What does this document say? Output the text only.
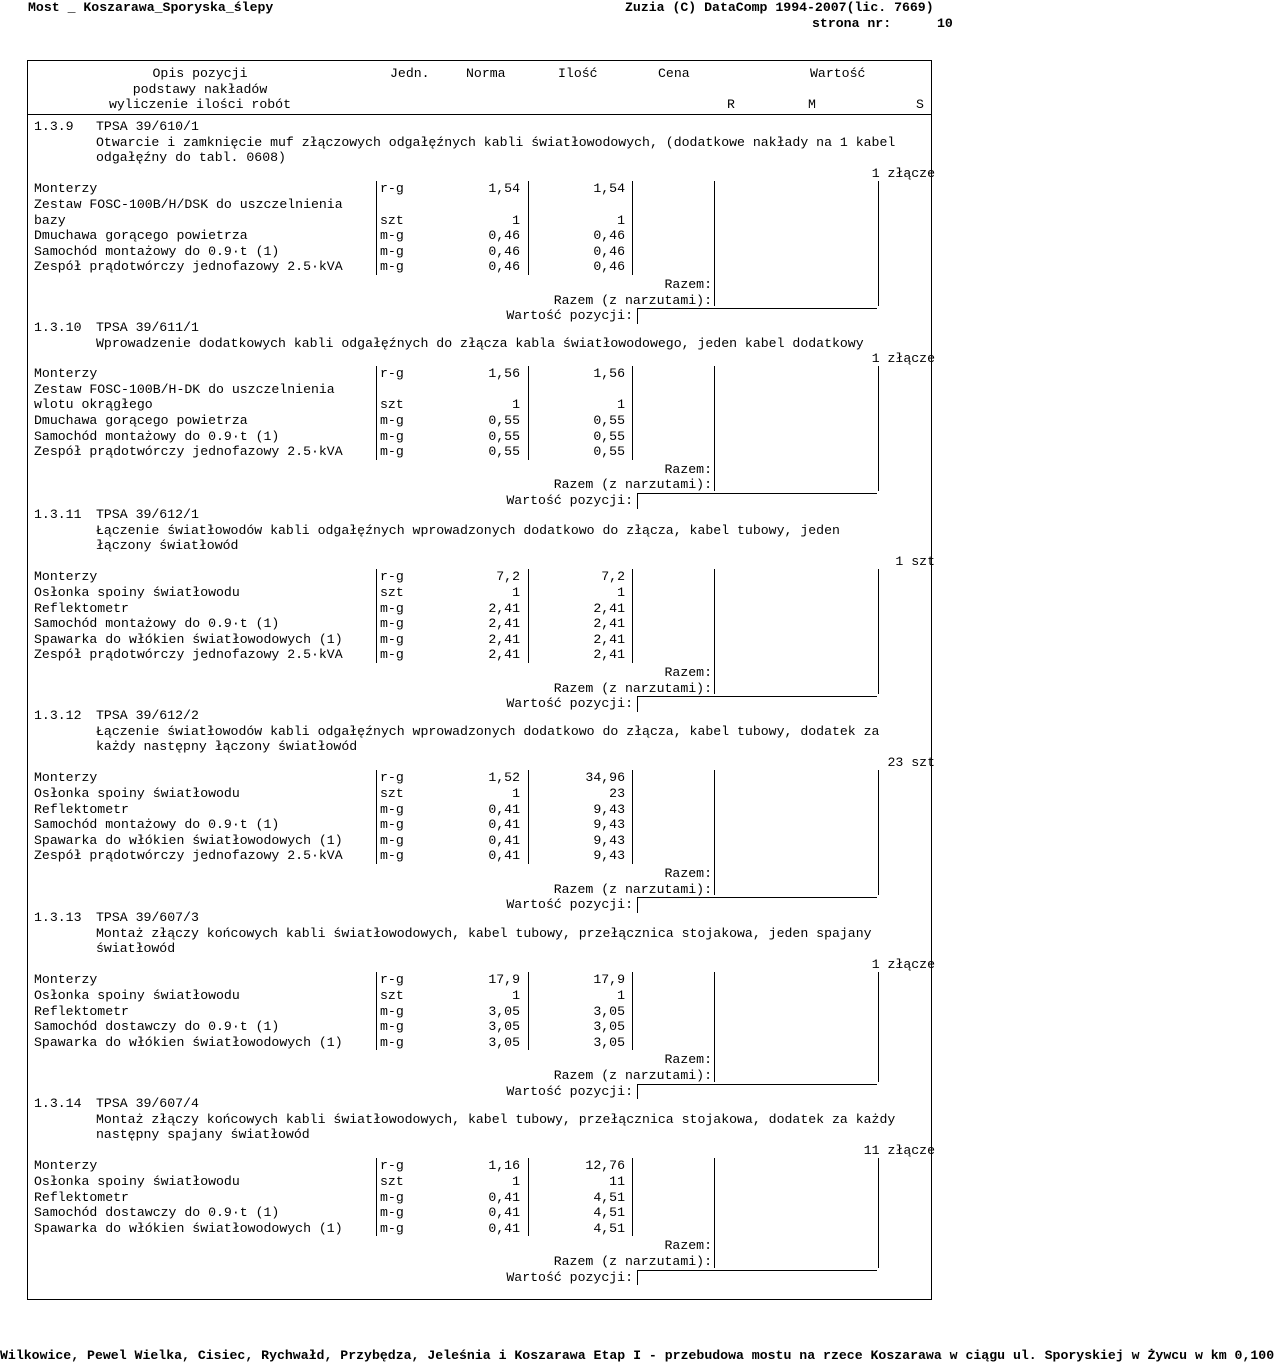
Most _ Koszarawa_Sporyska_ślepy	Zuzia (C) DataComp 1994-2007(lic. 7669)
strona nr:	10
Opis pozycji
podstawy nakładów
wyliczenie ilości robót
Jedn.	Norma	Ilość	Cena	Wartość
R	M	S
1.3.9 TPSA 39/610/1
Otwarcie i zamknięcie muf złączowych odgałęźnych kabli światłowodowych, (dodatkowe nakłady na 1 kabel
odgałęźny do tabl. 0608)
1 złącze
Monterzy	r-g	1,54	1,54
Zestaw FOSC-100B/H/DSK do uszczelnienia
bazy	szt	1	1
Dmuchawa gorącego powietrza	m-g	0,46	0,46
Samochód montażowy do 0.9·t (1)	m-g	0,46	0,46
Zespół prądotwórczy jednofazowy 2.5·kVA	m-g	0,46	0,46
Razem:
Razem (z narzutami):
Wartość pozycji:
1.3.10 TPSA 39/611/1
Wprowadzenie dodatkowych kabli odgałęźnych do złącza kabla światłowodowego, jeden kabel dodatkowy
1 złącze
Monterzy	r-g	1,56	1,56
Zestaw FOSC-100B/H-DK do uszczelnienia
wlotu okrągłego	szt	1	1
Dmuchawa gorącego powietrza	m-g	0,55	0,55
Samochód montażowy do 0.9·t (1)	m-g	0,55	0,55
Zespół prądotwórczy jednofazowy 2.5·kVA	m-g	0,55	0,55
Razem:
Razem (z narzutami):
Wartość pozycji:
1.3.11 TPSA 39/612/1
Łączenie światłowodów kabli odgałęźnych wprowadzonych dodatkowo do złącza, kabel tubowy, jeden
łączony światłowód
1 szt
Monterzy	r-g	7,2	7,2
Osłonka spoiny światłowodu	szt	1	1
Reflektometr	m-g	2,41	2,41
Samochód montażowy do 0.9·t (1)	m-g	2,41	2,41
Spawarka do włókien światłowodowych (1)	m-g	2,41	2,41
Zespół prądotwórczy jednofazowy 2.5·kVA	m-g	2,41	2,41
Razem:
Razem (z narzutami):
Wartość pozycji:
1.3.12 TPSA 39/612/2
Łączenie światłowodów kabli odgałęźnych wprowadzonych dodatkowo do złącza, kabel tubowy, dodatek za
każdy następny łączony światłowód
23 szt
Monterzy	r-g	1,52	34,96
Osłonka spoiny światłowodu	szt	1	23
Reflektometr	m-g	0,41	9,43
Samochód montażowy do 0.9·t (1)	m-g	0,41	9,43
Spawarka do włókien światłowodowych (1)	m-g	0,41	9,43
Zespół prądotwórczy jednofazowy 2.5·kVA	m-g	0,41	9,43
Razem:
Razem (z narzutami):
Wartość pozycji:
1.3.13 TPSA 39/607/3
Montaż złączy końcowych kabli światłowodowych, kabel tubowy, przełącznica stojakowa, jeden spajany
światłowód
1 złącze
Monterzy	r-g	17,9	17,9
Osłonka spoiny światłowodu	szt	1	1
Reflektometr	m-g	3,05	3,05
Samochód dostawczy do 0.9·t (1)	m-g	3,05	3,05
Spawarka do włókien światłowodowych (1)	m-g	3,05	3,05
Razem:
Razem (z narzutami):
Wartość pozycji:
1.3.14 TPSA 39/607/4
Montaż złączy końcowych kabli światłowodowych, kabel tubowy, przełącznica stojakowa, dodatek za każdy
następny spajany światłowód
11 złącze
Monterzy	r-g	1,16	12,76
Osłonka spoiny światłowodu	szt	1	11
Reflektometr	m-g	0,41	4,51
Samochód dostawczy do 0.9·t (1)	m-g	0,41	4,51
Spawarka do włókien światłowodowych (1)	m-g	0,41	4,51
Razem:
Razem (z narzutami):
Wartość pozycji:
Wilkowice, Pewel Wielka, Cisiec, Rychwałd, Przybędza, Jeleśnia i Koszarawa Etap I - przebudowa mostu na rzece Koszarawa w ciągu ul. Sporyskiej w Żywcu w km 0,100
